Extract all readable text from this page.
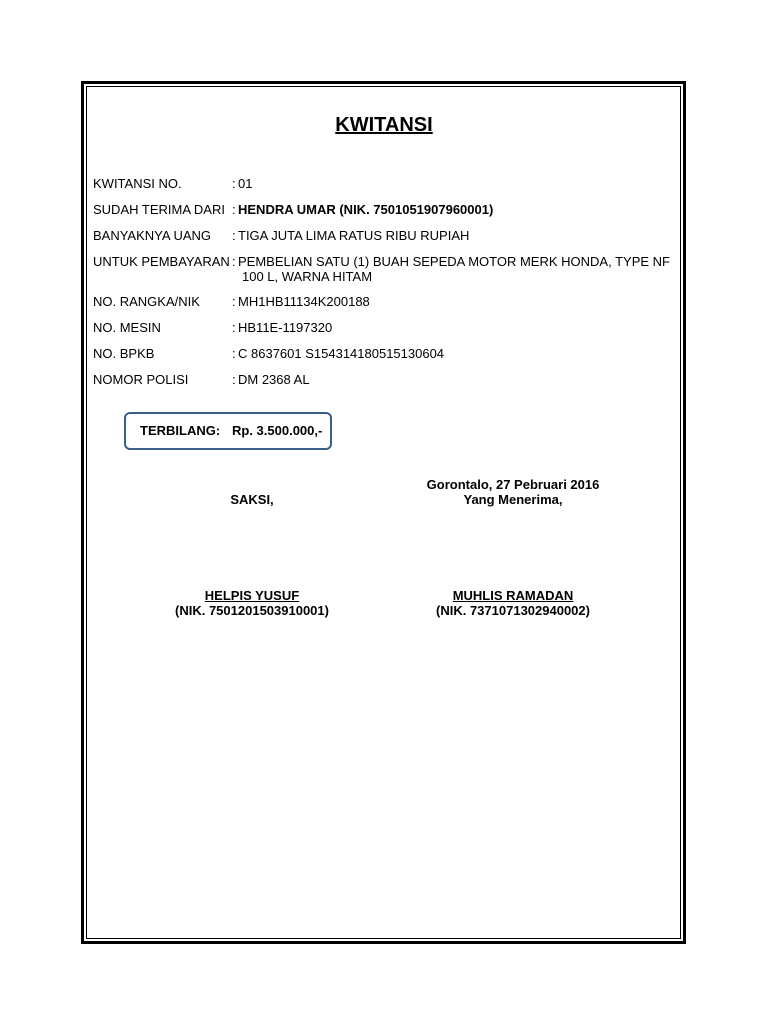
KWITANSI
KWITANSI NO.	: 01
SUDAH TERIMA DARI : HENDRA UMAR (NIK. 7501051907960001)
BANYAKNYA UANG : TIGA JUTA LIMA RATUS RIBU RUPIAH
UNTUK PEMBAYARAN : PEMBELIAN SATU (1) BUAH SEPEDA MOTOR MERK HONDA, TYPE NF
100 L, WARNA HITAM
NO. RANGKA/NIK : MH1HB11134K200188
NO. MESIN	: HB11E-1197320
NO. BPKB	: C 8637601 S154314180515130604
NOMOR POLISI	: DM 2368 AL
TERBILANG: Rp. 3.500.000,-
Gorontalo, 27 Pebruari 2016
Yang Menerima,
SAKSI,
HELPIS YUSUF
(NIK. 7501201503910001)
MUHLIS RAMADAN
(NIK. 7371071302940002)
